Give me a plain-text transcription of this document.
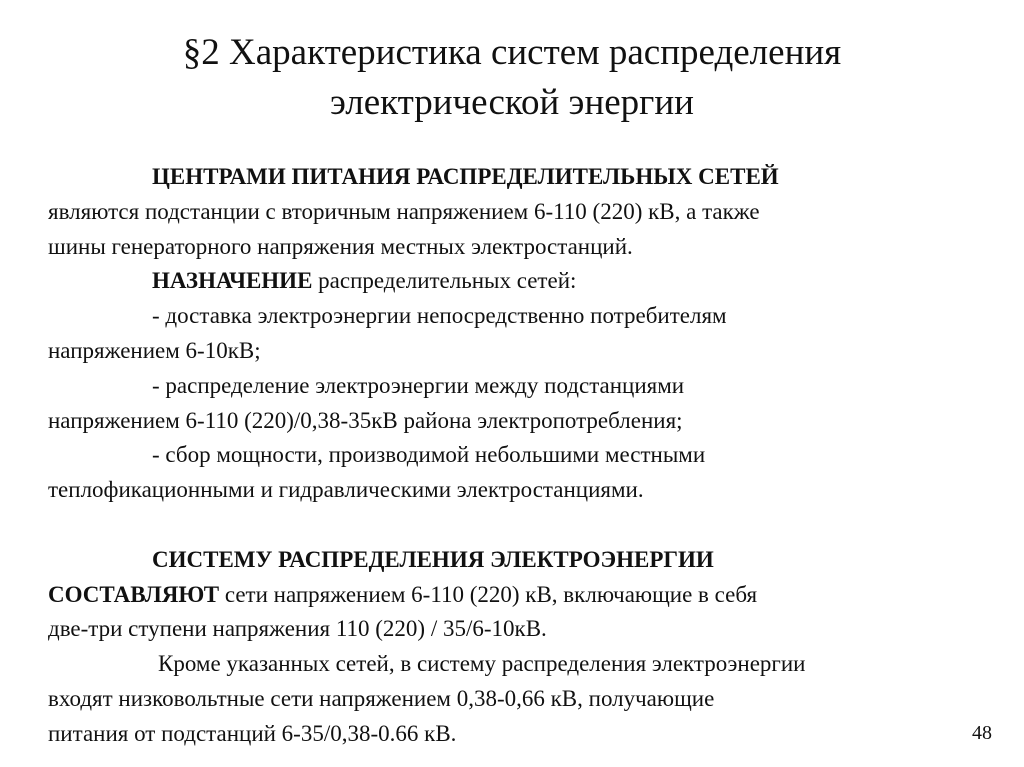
§2 Характеристика систем распределения
электрической энергии
ЦЕНТРАМИ ПИТАНИЯ РАСПРЕДЕЛИТЕЛЬНЫХ СЕТЕЙ
являются подстанции с вторичным напряжением 6-110 (220) кВ, а также
шины генераторного напряжения местных электростанций.
НАЗНАЧЕНИЕ распределительных сетей:
- доставка электроэнергии непосредственно потребителям
напряжением 6-10кВ;
- распределение электроэнергии между подстанциями
напряжением 6-110 (220)/0,38-35кВ района электропотребления;
- сбор мощности, производимой небольшими местными
теплофикационными и гидравлическими электростанциями.
СИСТЕМУ РАСПРЕДЕЛЕНИЯ ЭЛЕКТРОЭНЕРГИИ
СОСТАВЛЯЮТ сети напряжением 6-110 (220) кВ, включающие в себя
две-три ступени напряжения 110 (220) / 35/6-10кВ.
Кроме указанных сетей, в систему распределения электроэнергии
входят низковольтные сети напряжением 0,38-0,66 кВ, получающие
питания от подстанций 6-35/0,38-0.66 кВ.	48
